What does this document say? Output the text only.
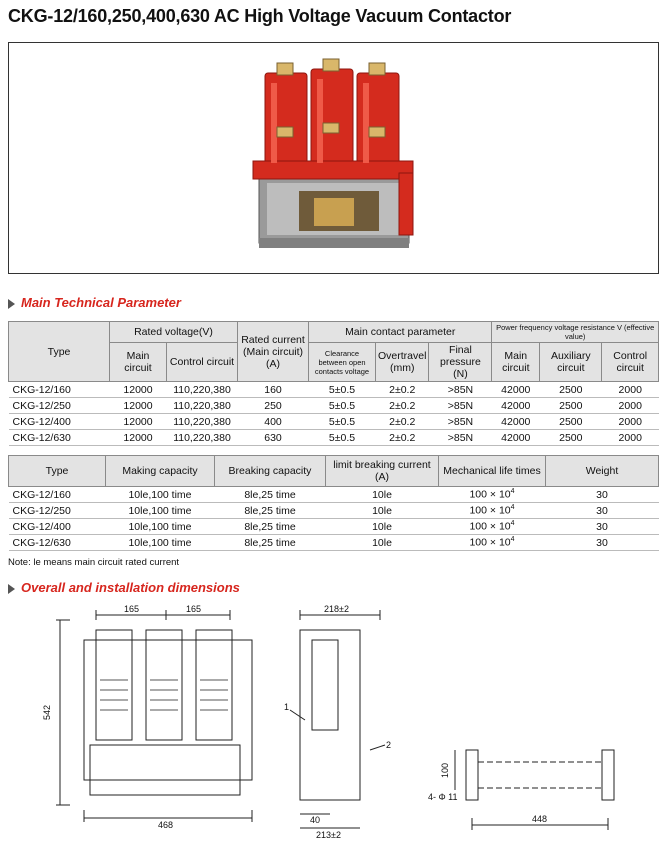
CKG-12/160,250,400,630 AC High Voltage Vacuum Contactor
Main Technical Parameter
Type	Rated voltage(V)		Rated current (Main circuit) (A)	Main contact parameter			Power frequency voltage resistance V (effective value)		
	Main circuit	Control circuit		Clearance between open contacts voltage	Overtravel (mm)	Final pressure (N)	Main circuit	Auxiliary circuit	Control circuit
CKG-12/160	12000	110,220,380	160	5±0.5	2±0.2	>85N	42000	2500	2000
CKG-12/250	12000	110,220,380	250	5±0.5	2±0.2	>85N	42000	2500	2000
CKG-12/400	12000	110,220,380	400	5±0.5	2±0.2	>85N	42000	2500	2000
CKG-12/630	12000	110,220,380	630	5±0.5	2±0.2	>85N	42000	2500	2000
Type	Making capacity	Breaking capacity	limit breaking current (A)	Mechanical life times	Weight
CKG-12/160	10le,100 time	8le,25 time	10le	$100 \times 10^4$	30
CKG-12/250	10le,100 time	8le,25 time	10le	$100 \times 10^4$	30
CKG-12/400	10le,100 time	8le,25 time	10le	$100 \times 10^4$	30
CKG-12/630	10le,100 time	8le,25 time	10le	$100 \times 10^4$	30
Note: le means main circuit rated current
Overall and installation dimensions
165	165
542
468
218±2
213±2
40
1
2
100
4- Φ 11
448
